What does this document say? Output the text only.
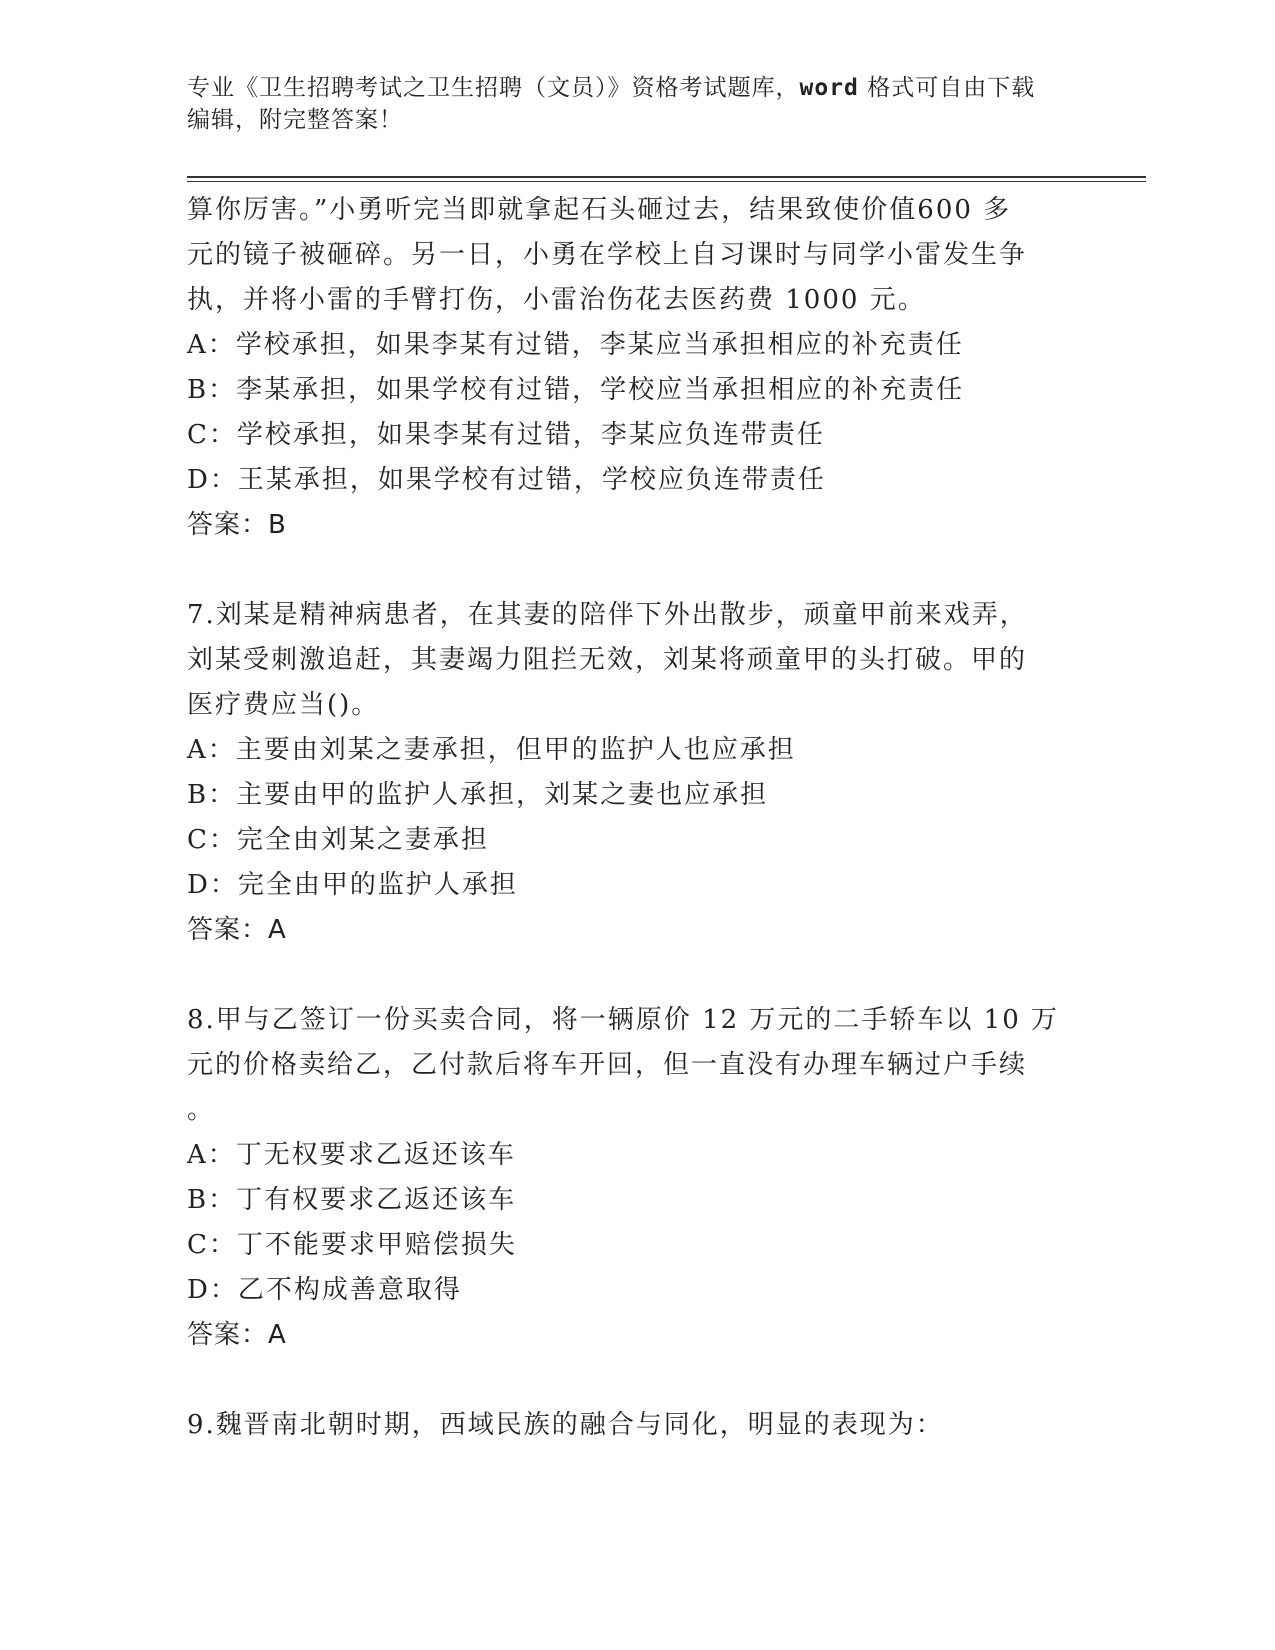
专业《卫生招聘考试之卫生招聘（文员）》资格考试题库，word 格式可自由下载
编辑，附完整答案！
算你厉害。”小勇听完当即就拿起石头砸过去，结果致使价值600 多
元的镜子被砸碎。另一日，小勇在学校上自习课时与同学小雷发生争
执，并将小雷的手臂打伤，小雷治伤花去医药费 1000 元。
A：学校承担，如果李某有过错，李某应当承担相应的补充责任
B：李某承担，如果学校有过错，学校应当承担相应的补充责任
C：学校承担，如果李某有过错，李某应负连带责任
D：王某承担，如果学校有过错，学校应负连带责任
答案：B
7.刘某是精神病患者，在其妻的陪伴下外出散步，顽童甲前来戏弄，
刘某受刺激追赶，其妻竭力阻拦无效，刘某将顽童甲的头打破。甲的
医疗费应当()。
A：主要由刘某之妻承担，但甲的监护人也应承担
B：主要由甲的监护人承担，刘某之妻也应承担
C：完全由刘某之妻承担
D：完全由甲的监护人承担
答案：A
8.甲与乙签订一份买卖合同，将一辆原价 12 万元的二手轿车以 10 万
元的价格卖给乙，乙付款后将车开回，但一直没有办理车辆过户手续
。
A：丁无权要求乙返还该车
B：丁有权要求乙返还该车
C：丁不能要求甲赔偿损失
D：乙不构成善意取得
答案：A
9.魏晋南北朝时期，西域民族的融合与同化，明显的表现为：
